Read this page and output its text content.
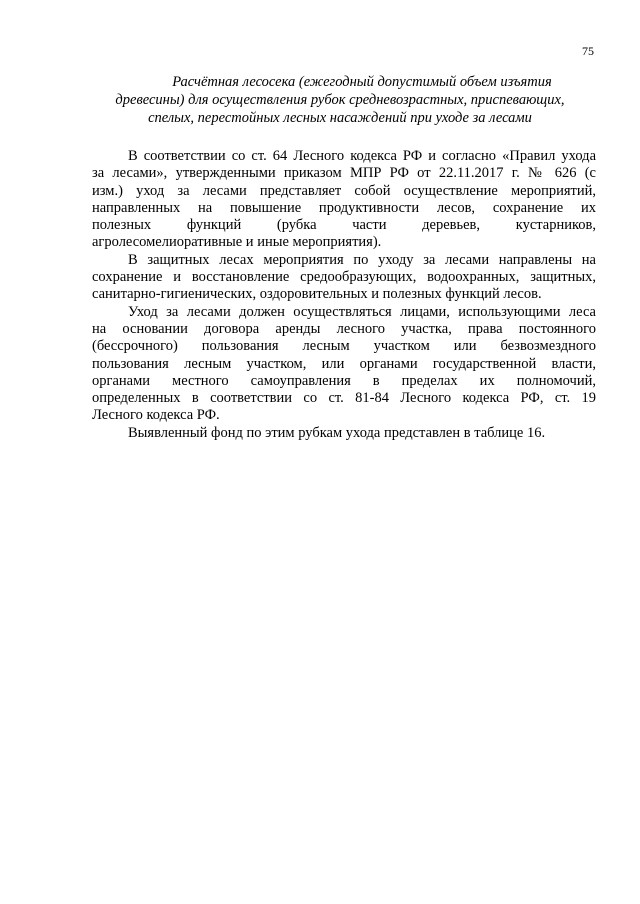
75
Расчётная лесосека (ежегодный допустимый объем изъятия
древесины) для осуществления рубок средневозрастных, приспевающих,
спелых, перестойных лесных насаждений при уходе за лесами
В соответствии со ст. 64 Лесного кодекса РФ и согласно «Правил ухода
за лесами», утвержденными приказом МПР РФ от 22.11.2017 г. № 626 (с
изм.) уход за лесами представляет собой осуществление мероприятий,
направленных на повышение продуктивности лесов, сохранение их
полезных функций (рубка части деревьев, кустарников,
агролесомелиоративные и иные мероприятия).
В защитных лесах мероприятия по уходу за лесами направлены на
сохранение и восстановление средообразующих, водоохранных, защитных,
санитарно-гигиенических, оздоровительных и полезных функций лесов.
Уход за лесами должен осуществляться лицами, использующими леса
на основании договора аренды лесного участка, права постоянного
(бессрочного) пользования лесным участком или безвозмездного
пользования лесным участком, или органами государственной власти,
органами местного самоуправления в пределах их полномочий,
определенных в соответствии со ст. 81-84 Лесного кодекса РФ, ст. 19
Лесного кодекса РФ.
Выявленный фонд по этим рубкам ухода представлен в таблице 16.
